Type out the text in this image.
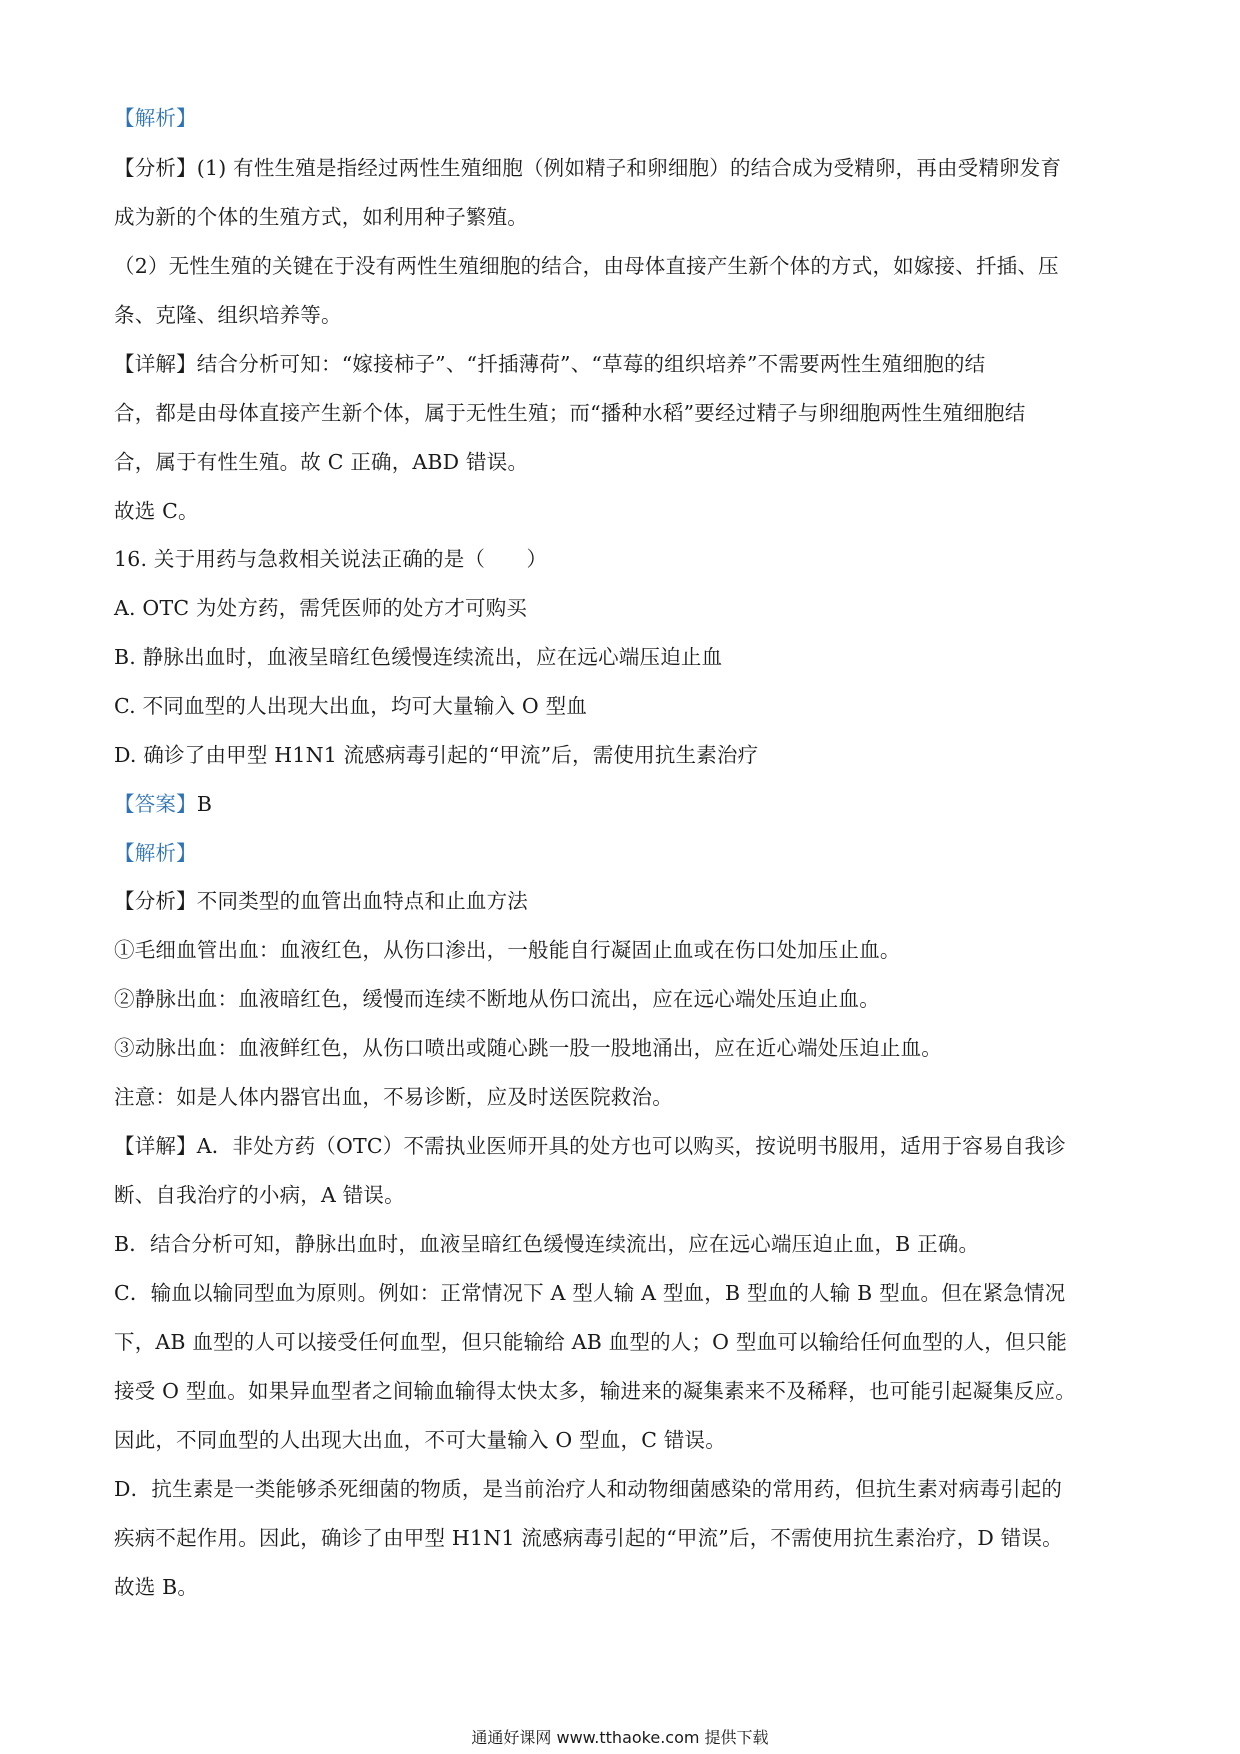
【解析】
【分析】(1) 有性生殖是指经过两性生殖细胞（例如精子和卵细胞）的结合成为受精卵，再由受精卵发育
成为新的个体的生殖方式，如利用种子繁殖。
（2）无性生殖的关键在于没有两性生殖细胞的结合，由母体直接产生新个体的方式，如嫁接、扦插、压
条、克隆、组织培养等。
【详解】结合分析可知：“嫁接柿子”、“扦插薄荷”、“草莓的组织培养”不需要两性生殖细胞的结
合，都是由母体直接产生新个体，属于无性生殖；而“播种水稻”要经过精子与卵细胞两性生殖细胞结
合，属于有性生殖。故 C 正确，ABD 错误。
故选 C。
16. 关于用药与急救相关说法正确的是（　　）
A. OTC 为处方药，需凭医师的处方才可购买
B. 静脉出血时，血液呈暗红色缓慢连续流出，应在远心端压迫止血
C. 不同血型的人出现大出血，均可大量输入 O 型血
D. 确诊了由甲型 H1N1 流感病毒引起的“甲流”后，需使用抗生素治疗
【答案】B
【解析】
【分析】不同类型的血管出血特点和止血方法
①毛细血管出血：血液红色，从伤口渗出，一般能自行凝固止血或在伤口处加压止血。
②静脉出血：血液暗红色，缓慢而连续不断地从伤口流出，应在远心端处压迫止血。
③动脉出血：血液鲜红色，从伤口喷出或随心跳一股一股地涌出，应在近心端处压迫止血。
注意：如是人体内器官出血，不易诊断，应及时送医院救治。
【详解】A．非处方药（OTC）不需执业医师开具的处方也可以购买，按说明书服用，适用于容易自我诊
断、自我治疗的小病，A 错误。
B．结合分析可知，静脉出血时，血液呈暗红色缓慢连续流出，应在远心端压迫止血，B 正确。
C．输血以输同型血为原则。例如：正常情况下 A 型人输 A 型血，B 型血的人输 B 型血。但在紧急情况
下，AB 血型的人可以接受任何血型，但只能输给 AB 血型的人；O 型血可以输给任何血型的人，但只能
接受 O 型血。如果异血型者之间输血输得太快太多，输进来的凝集素来不及稀释，也可能引起凝集反应。
因此，不同血型的人出现大出血，不可大量输入 O 型血，C 错误。
D．抗生素是一类能够杀死细菌的物质，是当前治疗人和动物细菌感染的常用药，但抗生素对病毒引起的
疾病不起作用。因此，确诊了由甲型 H1N1 流感病毒引起的“甲流”后，不需使用抗生素治疗，D 错误。
故选 B。
通通好课网 www.tthaoke.com 提供下载
